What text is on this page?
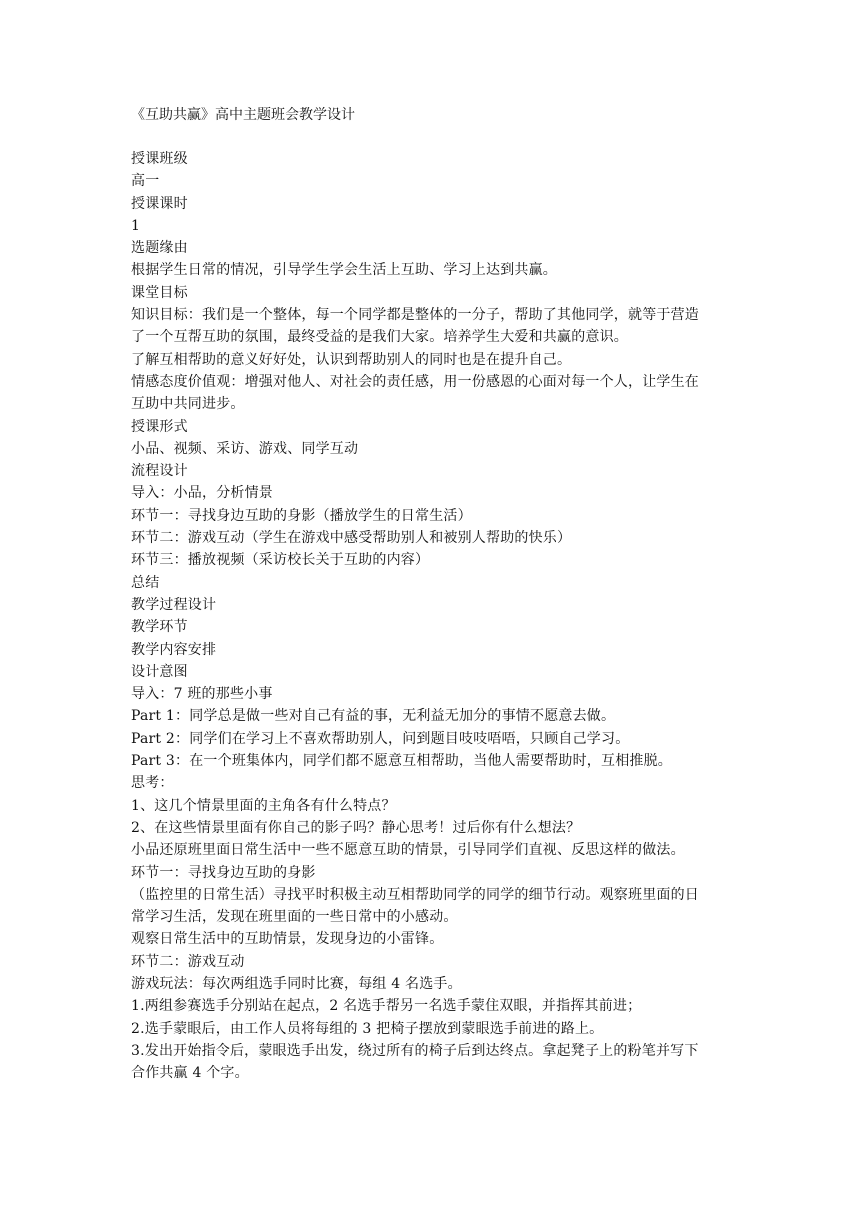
《互助共赢》高中主题班会教学设计
授课班级
高一
授课课时
1
选题缘由
根据学生日常的情况，引导学生学会生活上互助、学习上达到共赢。
课堂目标
知识目标：我们是一个整体，每一个同学都是整体的一分子，帮助了其他同学，就等于营造
了一个互帮互助的氛围，最终受益的是我们大家。培养学生大爱和共赢的意识。
了解互相帮助的意义好好处，认识到帮助别人的同时也是在提升自己。
情感态度价值观：增强对他人、对社会的责任感，用一份感恩的心面对每一个人，让学生在
互助中共同进步。
授课形式
小品、视频、采访、游戏、同学互动
流程设计
导入：小品，分析情景
环节一：寻找身边互助的身影（播放学生的日常生活）
环节二：游戏互动（学生在游戏中感受帮助别人和被别人帮助的快乐）
环节三：播放视频（采访校长关于互助的内容）
总结
教学过程设计
教学环节
教学内容安排
设计意图
导入：7 班的那些小事
Part 1：同学总是做一些对自己有益的事，无利益无加分的事情不愿意去做。
Part 2：同学们在学习上不喜欢帮助别人，问到题目吱吱唔唔，只顾自己学习。
Part 3：在一个班集体内，同学们都不愿意互相帮助，当他人需要帮助时，互相推脱。
思考：
1、这几个情景里面的主角各有什么特点？
2、在这些情景里面有你自己的影子吗？静心思考！过后你有什么想法？
小品还原班里面日常生活中一些不愿意互助的情景，引导同学们直视、反思这样的做法。
环节一：寻找身边互助的身影
（监控里的日常生活）寻找平时积极主动互相帮助同学的同学的细节行动。观察班里面的日
常学习生活，发现在班里面的一些日常中的小感动。
观察日常生活中的互助情景，发现身边的小雷锋。
环节二：游戏互动
游戏玩法：每次两组选手同时比赛，每组 4 名选手。
1.两组参赛选手分别站在起点，2 名选手帮另一名选手蒙住双眼，并指挥其前进；
2.选手蒙眼后，由工作人员将每组的 3 把椅子摆放到蒙眼选手前进的路上。
3.发出开始指令后，蒙眼选手出发，绕过所有的椅子后到达终点。拿起凳子上的粉笔并写下
合作共赢 4 个字。
